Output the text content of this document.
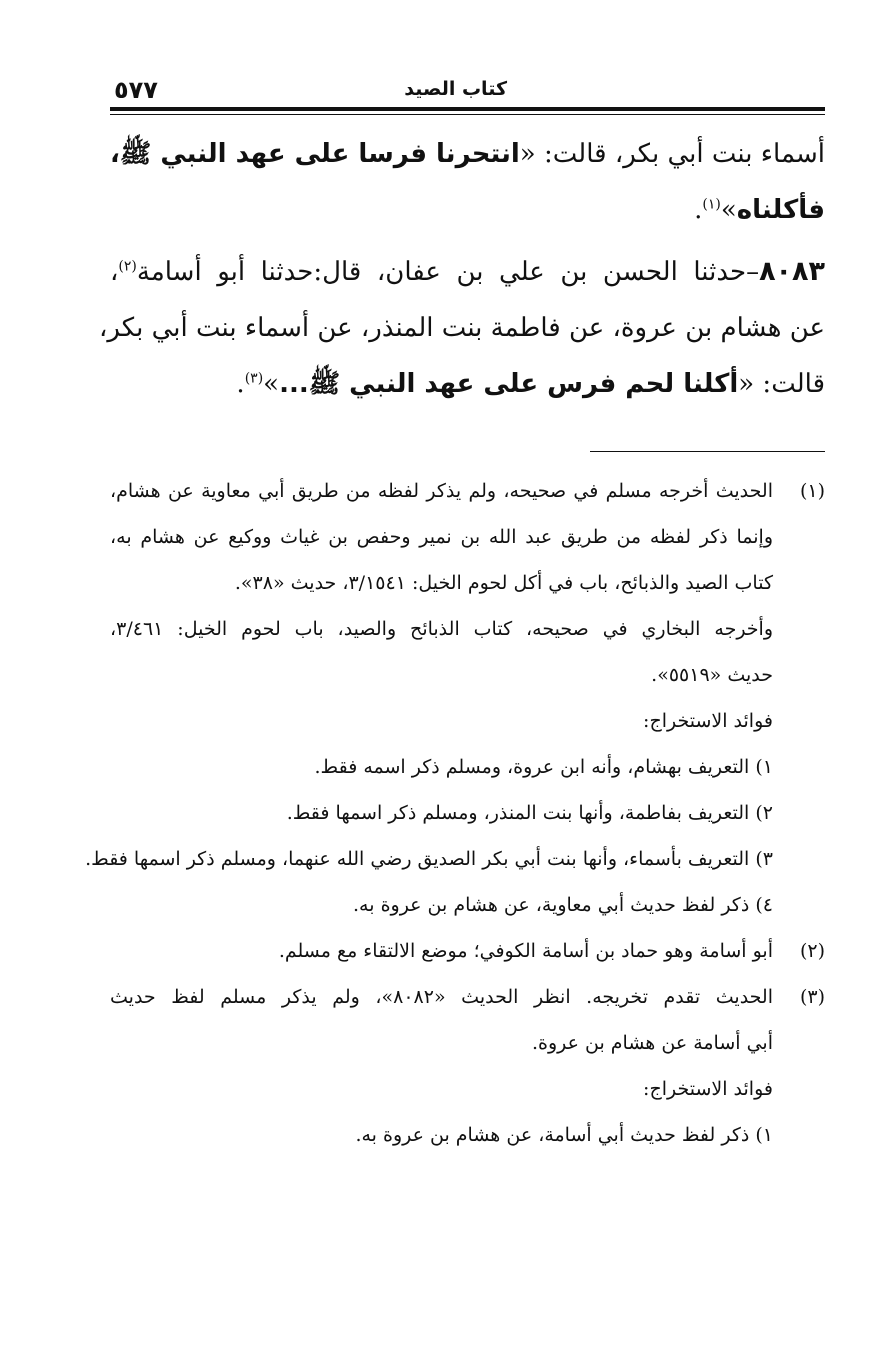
٥٧٧	كتاب الصيد
أسماء بنت أبي بكر، قالت: «انتحرنا فرسا على عهد النبي ﷺ،
فأكلناه»$^{(١)}$.
٨٠٨٣–حدثنا الحسن بن علي بن عفان، قال:حدثنا أبو أسامة$^{(٢)}$،
عن هشام بن عروة، عن فاطمة بنت المنذر، عن أسماء بنت أبي بكر،
قالت: «أكلنا لحم فرس على عهد النبي ﷺ...»$^{(٣)}$.
(١)الحديث أخرجه مسلم في صحيحه، ولم يذكر لفظه من طريق أبي معاوية عن هشام،
وإنما ذكر لفظه من طريق عبد الله بن نمير وحفص بن غياث ووكيع عن هشام به،
كتاب الصيد والذبائح، باب في أكل لحوم الخيل: ٣/١٥٤١، حديث «٣٨».
وأخرجه البخاري في صحيحه، كتاب الذبائح والصيد، باب لحوم الخيل: ٣/٤٦١،
حديث «٥٥١٩».
فوائد الاستخراج:
١) التعريف بهشام، وأنه ابن عروة، ومسلم ذكر اسمه فقط.
٢) التعريف بفاطمة، وأنها بنت المنذر، ومسلم ذكر اسمها فقط.
٣) التعريف بأسماء، وأنها بنت أبي بكر الصديق رضي الله عنهما، ومسلم ذكر اسمها فقط.
٤) ذكر لفظ حديث أبي معاوية، عن هشام بن عروة به.
(٢)أبو أسامة وهو حماد بن أسامة الكوفي؛ موضع الالتقاء مع مسلم.
(٣)الحديث تقدم تخريجه. انظر الحديث «٨٠٨٢»، ولم يذكر مسلم لفظ حديث
أبي أسامة عن هشام بن عروة.
فوائد الاستخراج:
١) ذكر لفظ حديث أبي أسامة، عن هشام بن عروة به.
